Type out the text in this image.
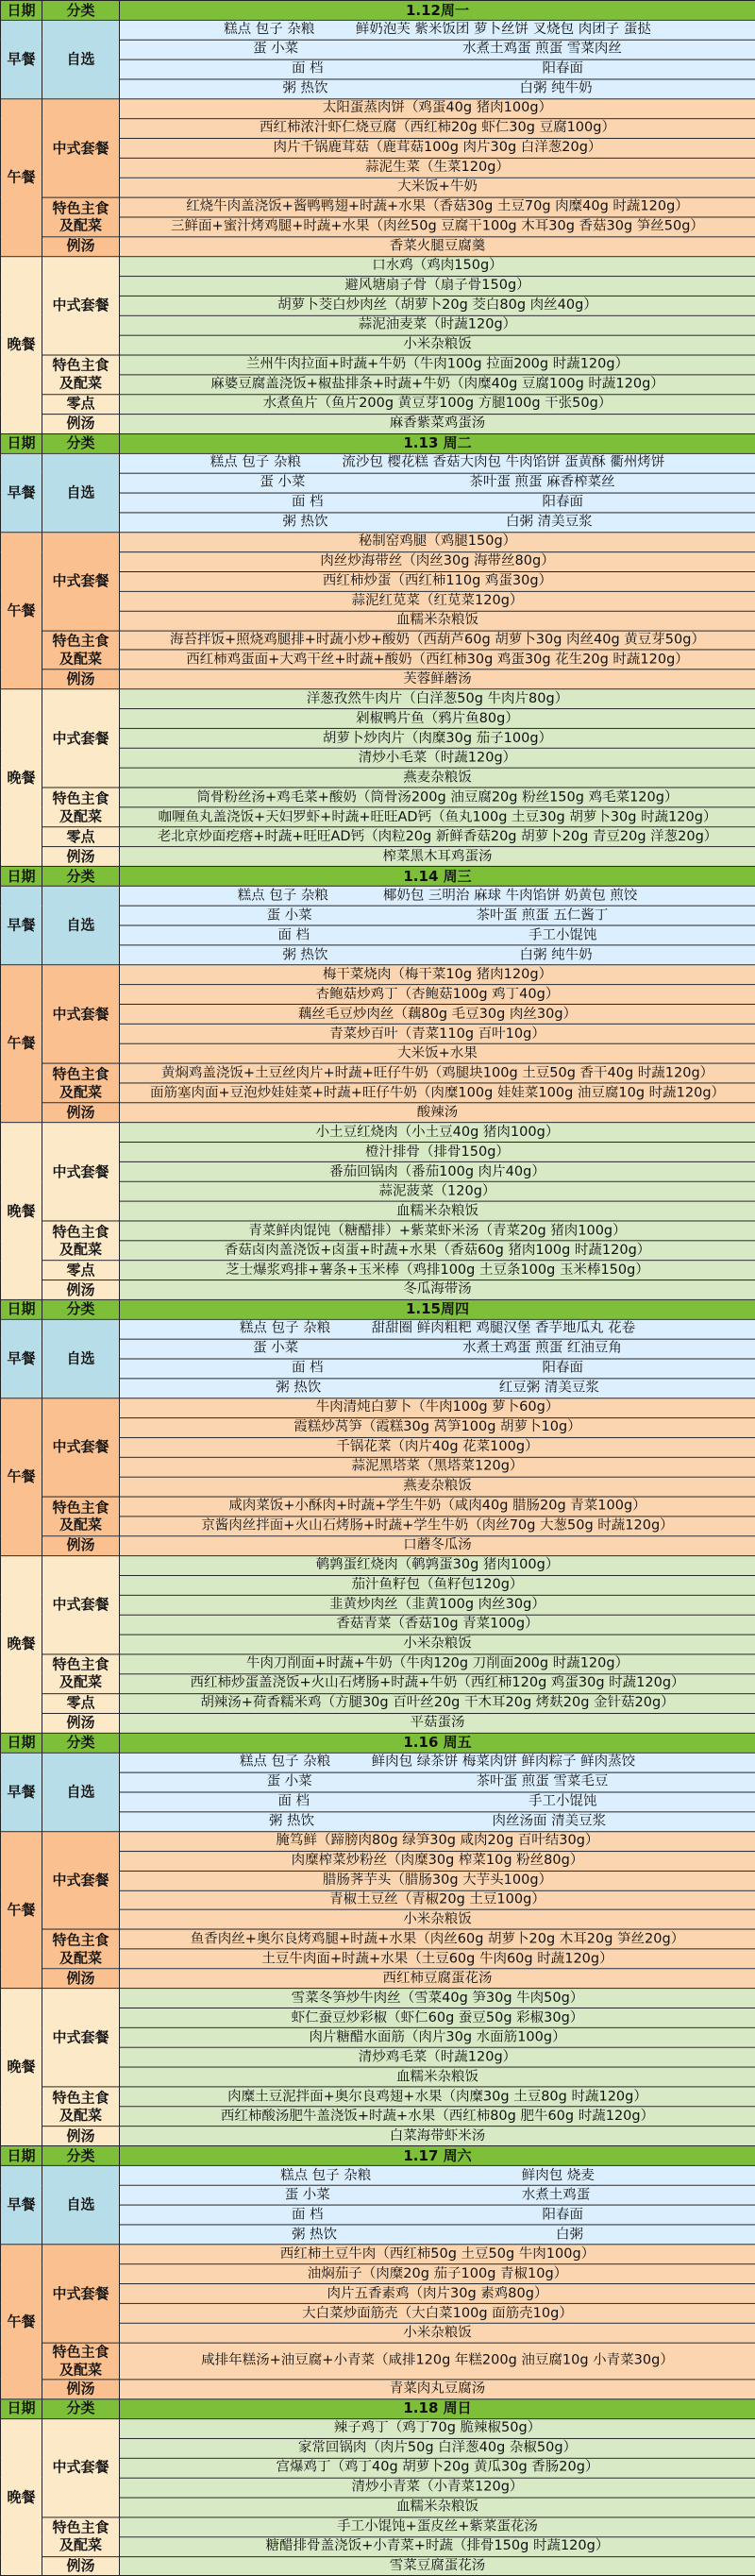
日期	分类	1.12周一
早餐	自选	糕点 包子 杂粮　　　鲜奶泡芙 紫米饭团 萝卜丝饼 叉烧包 肉团子 蛋挞
		蛋 小菜　　　　　　　　　　　　水煮土鸡蛋 煎蛋 雪菜肉丝
		面 档　　　　　　　　　　　　　　　　阳春面
		粥 热饮　　　　　　　　　　　　　　白粥 纯牛奶
午餐	中式套餐	太阳蛋蒸肉饼（鸡蛋40g 猪肉100g）
		西红柿浓汁虾仁烧豆腐（西红柿20g 虾仁30g 豆腐100g）
		肉片千锅鹿茸菇（鹿茸菇100g 肉片30g 白洋葱20g）
		蒜泥生菜（生菜120g）
		大米饭+牛奶
	特色主食及配菜	红烧牛肉盖浇饭+酱鸭鸭翅+时蔬+水果（香菇30g 土豆70g 肉糜40g 时蔬120g）
		三鲜面+蜜汁烤鸡腿+时蔬+水果（肉丝50g 豆腐干100g 木耳30g 香菇30g 笋丝50g）
	例汤	香菜火腿豆腐羹
晚餐	中式套餐	口水鸡（鸡肉150g）
		避风塘扇子骨（扇子骨150g）
		胡萝卜茭白炒肉丝（胡萝卜20g 茭白80g 肉丝40g）
		蒜泥油麦菜（时蔬120g）
		小米杂粮饭
	特色主食及配菜	兰州牛肉拉面+时蔬+牛奶（牛肉100g 拉面200g 时蔬120g）
		麻婆豆腐盖浇饭+椒盐排条+时蔬+牛奶（肉糜40g 豆腐100g 时蔬120g）
	零点	水煮鱼片（鱼片200g 黄豆芽100g 方腿100g 干张50g）
	例汤	麻香紫菜鸡蛋汤
日期	分类	1.13 周二
早餐	自选	糕点 包子 杂粮　　　流沙包 樱花糕 香菇大肉包 牛肉馅饼 蛋黄酥 衢州烤饼
		蛋 小菜　　　　　　　　　　　　茶叶蛋 煎蛋 麻香榨菜丝
		面 档　　　　　　　　　　　　　　　　阳春面
		粥 热饮　　　　　　　　　　　　　白粥 清美豆浆
午餐	中式套餐	秘制窑鸡腿（鸡腿150g）
		肉丝炒海带丝（肉丝30g 海带丝80g）
		西红柿炒蛋（西红柿110g 鸡蛋30g）
		蒜泥红苋菜（红苋菜120g）
		血糯米杂粮饭
	特色主食及配菜	海苔拌饭+照烧鸡腿排+时蔬小炒+酸奶（西葫芦60g 胡萝卜30g 肉丝40g 黄豆芽50g）
		西红柿鸡蛋面+大鸡干丝+时蔬+酸奶（西红柿30g 鸡蛋30g 花生20g 时蔬120g）
	例汤	芙蓉鲜蘑汤
晚餐	中式套餐	洋葱孜然牛肉片（白洋葱50g 牛肉片80g）
		剁椒鸭片鱼（鸦片鱼80g）
		胡萝卜炒肉片（肉糜30g 茄子100g）
		清炒小毛菜（时蔬120g）
		燕麦杂粮饭
	特色主食及配菜	筒骨粉丝汤+鸡毛菜+酸奶（筒骨汤200g 油豆腐20g 粉丝150g 鸡毛菜120g）
		咖喱鱼丸盖浇饭+天妇罗虾+时蔬+旺旺AD钙（鱼丸100g 土豆30g 胡萝卜30g 时蔬120g）
	零点	老北京炒面疙瘩+时蔬+旺旺AD钙（肉粒20g 新鲜香菇20g 胡萝卜20g 青豆20g 洋葱20g）
	例汤	榨菜黑木耳鸡蛋汤
日期	分类	1.14 周三
早餐	自选	糕点 包子 杂粮　　　　椰奶包 三明治 麻球 牛肉馅饼 奶黄包 煎饺
		蛋 小菜　　　　　　　　　　　　茶叶蛋 煎蛋 五仁酱丁
		面 档　　　　　　　　　　　　　　　　手工小馄饨
		粥 热饮　　　　　　　　　　　　　　白粥 纯牛奶
午餐	中式套餐	梅干菜烧肉（梅干菜10g 猪肉120g）
		杏鲍菇炒鸡丁（杏鲍菇100g 鸡丁40g）
		藕丝毛豆炒肉丝（藕80g 毛豆30g 肉丝30g）
		青菜炒百叶（青菜110g 百叶10g）
		大米饭+水果
	特色主食及配菜	黄焖鸡盖浇饭+土豆丝肉片+时蔬+旺仔牛奶（鸡腿块100g 土豆50g 香干40g 时蔬120g）
		面筋塞肉面+豆泡炒娃娃菜+时蔬+旺仔牛奶（肉糜100g 娃娃菜100g 油豆腐10g 时蔬120g）
	例汤	酸辣汤
晚餐	中式套餐	小土豆红烧肉（小土豆40g 猪肉100g）
		橙汁排骨（排骨150g）
		番茄回锅肉（番茄100g 肉片40g）
		蒜泥菠菜（120g）
		血糯米杂粮饭
	特色主食及配菜	青菜鲜肉馄饨（糖醋排）+紫菜虾米汤（青菜20g 猪肉100g）
		香菇卤肉盖浇饭+卤蛋+时蔬+水果（香菇60g 猪肉100g 时蔬120g）
	零点	芝士爆浆鸡排+薯条+玉米棒（鸡排100g 土豆条100g 玉米棒150g）
	例汤	冬瓜海带汤
日期	分类	1.15周四
早餐	自选	糕点 包子 杂粮　　　甜甜圈 鲜肉粗粑 鸡腿汉堡 香芋地瓜丸 花卷
		蛋 小菜　　　　　　　　　　　　水煮土鸡蛋 煎蛋 红油豆角
		面 档　　　　　　　　　　　　　　　　阳春面
		粥 热饮　　　　　　　　　　　　　红豆粥 清美豆浆
午餐	中式套餐	牛肉清炖白萝卜（牛肉100g 萝卜60g）
		霞糕炒莴笋（霞糕30g 莴笋100g 胡萝卜10g）
		千锅花菜（肉片40g 花菜100g）
		蒜泥黑塔菜（黑塔菜120g）
		燕麦杂粮饭
	特色主食及配菜	咸肉菜饭+小酥肉+时蔬+学生牛奶（咸肉40g 腊肠20g 青菜100g）
		京酱肉丝拌面+火山石烤肠+时蔬+学生牛奶（肉丝70g 大葱50g 时蔬120g）
	例汤	口蘑冬瓜汤
晚餐	中式套餐	鹌鹑蛋红烧肉（鹌鹑蛋30g 猪肉100g）
		茄汁鱼籽包（鱼籽包120g）
		韭黄炒肉丝（韭黄100g 肉丝30g）
		香菇青菜（香菇10g 青菜100g）
		小米杂粮饭
	特色主食及配菜	牛肉刀削面+时蔬+牛奶（牛肉120g 刀削面200g 时蔬120g）
		西红柿炒蛋盖浇饭+火山石烤肠+时蔬+牛奶（西红柿120g 鸡蛋30g 时蔬120g）
	零点	胡辣汤+荷香糯米鸡（方腿30g 百叶丝20g 干木耳20g 烤麸20g 金针菇20g）
	例汤	平菇蛋汤
日期	分类	1.16 周五
早餐	自选	糕点 包子 杂粮　　　鲜肉包 绿茶饼 梅菜肉饼 鲜肉粽子 鲜肉蒸饺
		蛋 小菜　　　　　　　　　　　　茶叶蛋 煎蛋 雪菜毛豆
		面 档　　　　　　　　　　　　　　　　手工小馄饨
		粥 热饮　　　　　　　　　　　　　肉丝汤面 清美豆浆
午餐	中式套餐	腌笃鲜（蹄膀肉80g 绿笋30g 咸肉20g 百叶结30g）
		肉糜榨菜炒粉丝（肉糜30g 榨菜10g 粉丝80g）
		腊肠荠芋头（腊肠30g 大芋头100g）
		青椒土豆丝（青椒20g 土豆100g）
		小米杂粮饭
	特色主食及配菜	鱼香肉丝+奥尔良烤鸡腿+时蔬+水果（肉丝60g 胡萝卜20g 木耳20g 笋丝20g）
		土豆牛肉面+时蔬+水果（土豆60g 牛肉60g 时蔬120g）
	例汤	西红柿豆腐蛋花汤
晚餐	中式套餐	雪菜冬笋炒牛肉丝（雪菜40g 笋30g 牛肉50g）
		虾仁蚕豆炒彩椒（虾仁60g 蚕豆50g 彩椒30g）
		肉片糖醋水面筋（肉片30g 水面筋100g）
		清炒鸡毛菜（时蔬120g）
		血糯米杂粮饭
	特色主食及配菜	肉糜土豆泥拌面+奥尔良鸡翅+水果（肉糜30g 土豆80g 时蔬120g）
		西红柿酸汤肥牛盖浇饭+时蔬+水果（西红柿80g 肥牛60g 时蔬120g）
	例汤	白菜海带虾米汤
日期	分类	1.17 周六
早餐	自选	糕点 包子 杂粮　　　　　　　　　　　鲜肉包 烧麦
		蛋 小菜　　　　　　　　　　　　　　水煮土鸡蛋
		面 档　　　　　　　　　　　　　　　　阳春面
		粥 热饮　　　　　　　　　　　　　　　　白粥
午餐	中式套餐	西红柿土豆牛肉（西红柿50g 土豆50g 牛肉100g）
		油焖茄子（肉糜20g 茄子100g 青椒10g）
		肉片五香素鸡（肉片30g 素鸡80g）
		大白菜炒面筋壳（大白菜100g 面筋壳10g）
		小米杂粮饭
	特色主食及配菜	咸排年糕汤+油豆腐+小青菜（咸排120g 年糕200g 油豆腐10g 小青菜30g）
	例汤	青菜肉丸豆腐汤
日期	分类	1.18 周日
晚餐	中式套餐	辣子鸡丁（鸡丁70g 脆辣椒50g）
		家常回锅肉（肉片50g 白洋葱40g 杂椒50g）
		宫爆鸡丁（鸡丁40g 胡萝卜20g 黄瓜30g 香肠20g）
		清炒小青菜（小青菜120g）
		血糯米杂粮饭
	特色主食及配菜	手工小馄饨+蛋皮丝+紫菜蛋花汤
		糖醋排骨盖浇饭+小青菜+时蔬（排骨150g 时蔬120g）
	例汤	雪菜豆腐蛋花汤
